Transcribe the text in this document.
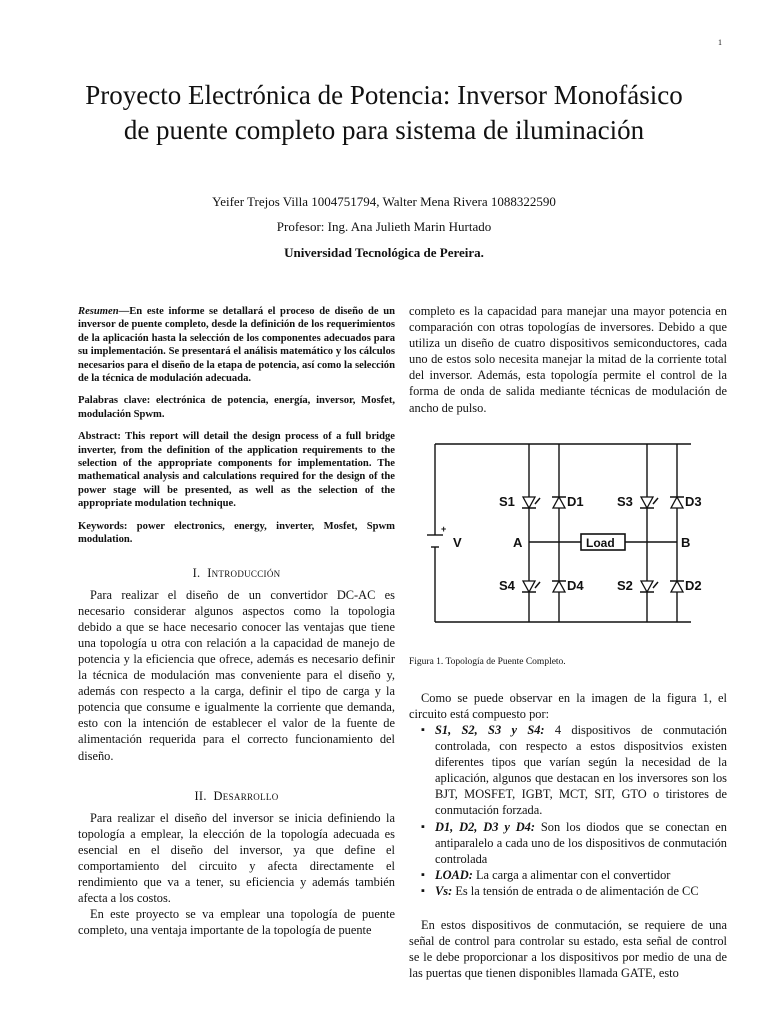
1
Proyecto Electrónica de Potencia: Inversor Monofásico de puente completo para sistema de iluminación
Yeifer Trejos Villa 1004751794, Walter Mena Rivera 1088322590
Profesor: Ing. Ana Julieth Marin Hurtado
Universidad Tecnológica de Pereira.

Resumen—En este informe se detallará el proceso de diseño de un inversor de puente completo, desde la definición de los requerimientos de la aplicación hasta la selección de los componentes adecuados para su implementación. Se presentará el análisis matemático y los cálculos necesarios para el diseño de la etapa de potencia, así como la selección de la técnica de modulación adecuada.

Palabras clave: electrónica de potencia, energía, inversor, Mosfet, modulación Spwm.

Abstract: This report will detail the design process of a full bridge inverter, from the definition of the application requirements to the selection of the appropriate components for implementation. The mathematical analysis and calculations required for the design of the power stage will be presented, as well as the selection of the appropriate modulation technique.

Keywords: power electronics, energy, inverter, Mosfet, Spwm modulation.

I. Introducción

Para realizar el diseño de un convertidor DC-AC es necesario considerar algunos aspectos como la topologia debido a que se hace necesario conocer las ventajas que tiene una topología u otra con relación a la capacidad de manejo de potencia y la eficiencia que ofrece, además es necesario definir la técnica de modulación mas conveniente para el diseño y, además con respecto a la carga, definir el tipo de carga y la potencia que consume e igualmente la corriente que demanda, esto con la intención de establecer el valor de la fuente de alimentación requerida para el correcto funcionamiento del diseño.

II. Desarrollo

Para realizar el diseño del inversor se inicia definiendo la topología a emplear, la elección de la topología adecuada es esencial en el diseño del inversor, ya que define el comportamiento del circuito y afecta directamente el rendimiento que va a tener, su eficiencia y además también afecta a los costos.

En este proyecto se va emplear una topología de puente completo, una ventaja importante de la topología de puente

completo es la capacidad para manejar una mayor potencia en comparación con otras topologías de inversores. Debido a que utiliza un diseño de cuatro dispositivos semiconductores, cada uno de estos solo necesita manejar la mitad de la corriente total del inversor. Además, esta topología permite el control de la forma de onda de salida mediante técnicas de modulación de ancho de pulso.

S1	D1	S3	D3
S4	D4	S2	D2
A	B
Load
V
+
Figura 1. Topología de Puente Completo.

Como se puede observar en la imagen de la figura 1, el circuito está compuesto por:

▪ S1, S2, S3 y S4: 4 dispositivos de conmutación controlada, con respecto a estos dispositvios existen diferentes tipos que varían según la necesidad de la aplicación, algunos que destacan en los inversores son los BJT, MOSFET, IGBT, MCT, SIT, GTO o tiristores de conmutación forzada.
▪ D1, D2, D3 y D4: Son los diodos que se conectan en antiparalelo a cada uno de los dispositivos de conmutación controlada
▪ LOAD: La carga a alimentar con el convertidor
▪ Vs: Es la tensión de entrada o de alimentación de CC

En estos dispositivos de conmutación, se requiere de una señal de control para controlar su estado, esta señal de control se le debe proporcionar a los dispositivos por medio de una de las puertas que tienen disponibles llamada GATE, esto
